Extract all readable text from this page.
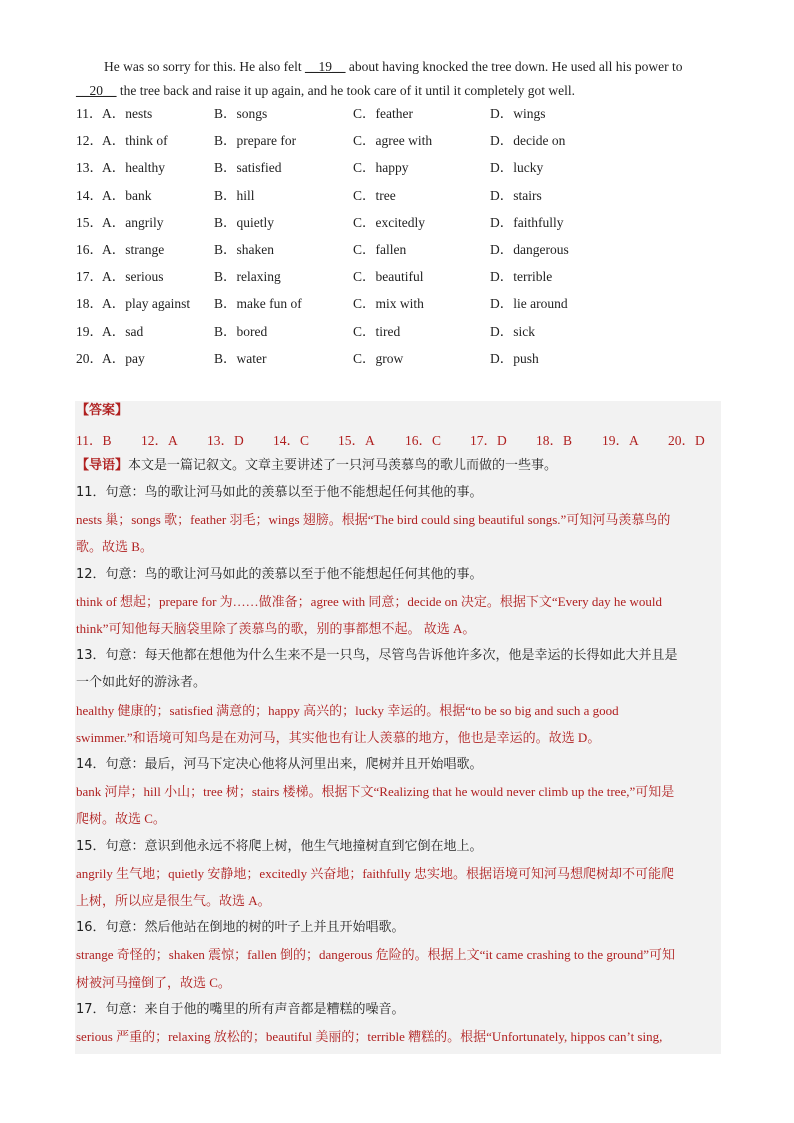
He was so sorry for this. He also felt __19__ about having knocked the tree down. He used all his power to

__20__ the tree back and raise it up again, and he took care of it until it completely got well.
11． A．nests	B．songs	C．feather	D．wings
12． A．think of	B．prepare for	C．agree with	D．decide on
13． A．healthy	B．satisfied	C．happy	D．lucky
14． A．bank	B．hill	C．tree	D．stairs
15． A．angrily	B．quietly	C．excitedly	D．faithfully
16． A．strange	B．shaken	C．fallen	D．dangerous
17． A．serious	B．relaxing	C．beautiful	D．terrible
18． A．play against B．make fun of	C．mix with	D．lie around
19． A．sad	B．bored	C．tired	D．sick
20． A．pay	B．water	C．grow	D．push
【答案】
11．B 12．A 13．D 14．C 15．A 16．C 17．D 18．B 19．A 20．D
【导语】本文是一篇记叙文。文章主要讲述了一只河马羡慕鸟的歌儿而做的一些事。
11．句意：鸟的歌让河马如此的羡慕以至于他不能想起任何其他的事。
nests 巢；songs 歌；feather 羽毛；wings 翅膀。根据“The bird could sing beautiful songs.”可知河马羡慕鸟的
歌。故选 B。
12．句意：鸟的歌让河马如此的羡慕以至于他不能想起任何其他的事。
think of 想起；prepare for 为……做准备；agree with 同意；decide on 决定。根据下文“Every day he would
think”可知他每天脑袋里除了羡慕鸟的歌，别的事都想不起。 故选 A。
13．句意：每天他都在想他为什么生来不是一只鸟，尽管鸟告诉他许多次，他是幸运的长得如此大并且是
一个如此好的游泳者。
healthy 健康的；satisfied 满意的；happy 高兴的；lucky 幸运的。根据“to be so big and such a good
swimmer.”和语境可知鸟是在劝河马，其实他也有让人羡慕的地方，他也是幸运的。故选 D。
14．句意：最后，河马下定决心他将从河里出来，爬树并且开始唱歌。
bank 河岸；hill 小山；tree 树；stairs 楼梯。根据下文“Realizing that he would never climb up the tree,”可知是
爬树。故选 C。
15．句意：意识到他永远不将爬上树，他生气地撞树直到它倒在地上。
angrily 生气地；quietly 安静地；excitedly 兴奋地；faithfully 忠实地。根据语境可知河马想爬树却不可能爬
上树，所以应是很生气。故选 A。
16．句意：然后他站在倒地的树的叶子上并且开始唱歌。
strange 奇怪的；shaken 震惊；fallen 倒的；dangerous 危险的。根据上文“it came crashing to the ground”可知
树被河马撞倒了，故选 C。
17．句意：来自于他的嘴里的所有声音都是糟糕的噪音。
serious 严重的；relaxing 放松的；beautiful 美丽的；terrible 糟糕的。根据“Unfortunately, hippos can’t sing,
